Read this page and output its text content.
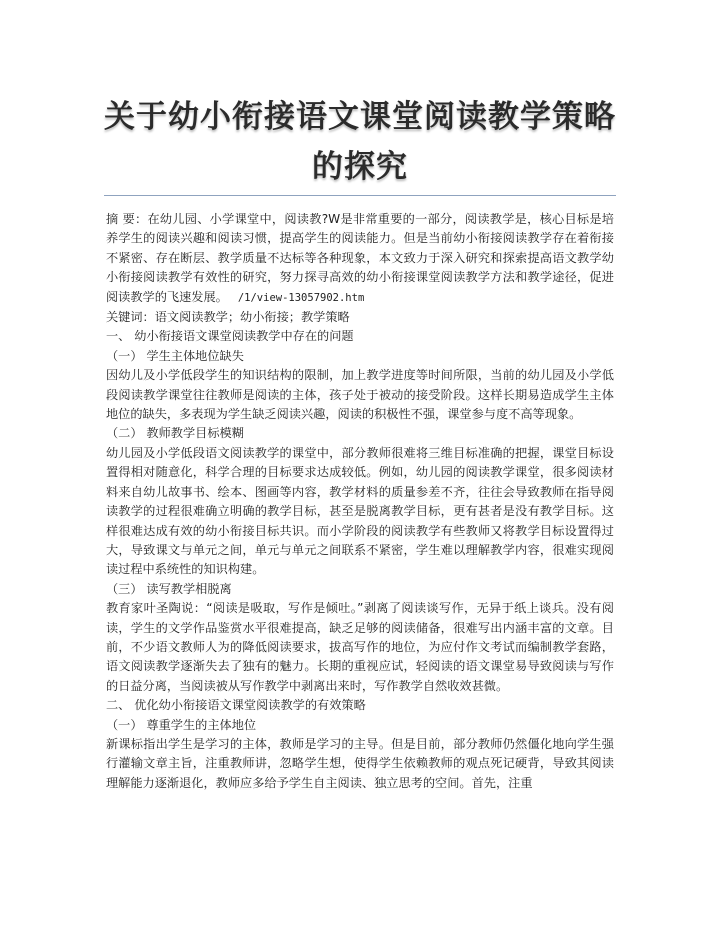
关于幼小衔接语文课堂阅读教学策略
的探究

摘 要：在幼儿园、小学课堂中，阅读教?W是非常重要的一部分，阅读教学是，核心目标是培养学生的阅读兴趣和阅读习惯，提高学生的阅读能力。但是当前幼小衔接阅读教学存在着衔接不紧密、存在断层、教学质量不达标等各种现象，本文致力于深入研究和探索提高语文教学幼小衔接阅读教学有效性的研究，努力探寻高效的幼小衔接课堂阅读教学方法和教学途径，促进阅读教学的飞速发展。　 /1/view-13057902.htm

关键词：语文阅读教学；幼小衔接；教学策略

一、 幼小衔接语文课堂阅读教学中存在的问题

（一） 学生主体地位缺失

因幼儿及小学低段学生的知识结构的限制，加上教学进度等时间所限，当前的幼儿园及小学低段阅读教学课堂往往教师是阅读的主体，孩子处于被动的接受阶段。这样长期易造成学生主体地位的缺失，多表现为学生缺乏阅读兴趣，阅读的积极性不强，课堂参与度不高等现象。

（二） 教师教学目标模糊

幼儿园及小学低段语文阅读教学的课堂中，部分教师很难将三维目标准确的把握，课堂目标设置得相对随意化，科学合理的目标要求达成较低。例如，幼儿园的阅读教学课堂，很多阅读材料来自幼儿故事书、绘本、图画等内容，教学材料的质量参差不齐，往往会导致教师在指导阅读教学的过程很难确立明确的教学目标，甚至是脱离教学目标，更有甚者是没有教学目标。这样很难达成有效的幼小衔接目标共识。而小学阶段的阅读教学有些教师又将教学目标设置得过大，导致课文与单元之间，单元与单元之间联系不紧密，学生难以理解教学内容，很难实现阅读过程中系统性的知识构建。

（三） 读写教学相脱离

教育家叶圣陶说：“阅读是吸取，写作是倾吐。”剥离了阅读谈写作，无异于纸上谈兵。没有阅读，学生的文学作品鉴赏水平很难提高，缺乏足够的阅读储备，很难写出内涵丰富的文章。目前，不少语文教师人为的降低阅读要求，拔高写作的地位，为应付作文考试而编制教学套路，语文阅读教学逐渐失去了独有的魅力。长期的重视应试，轻阅读的语文课堂易导致阅读与写作的日益分离，当阅读被从写作教学中剥离出来时，写作教学自然收效甚微。

二、 优化幼小衔接语文课堂阅读教学的有效策略

（一） 尊重学生的主体地位

新课标指出学生是学习的主体，教师是学习的主导。但是目前，部分教师仍然僵化地向学生强行灌输文章主旨，注重教师讲，忽略学生想，使得学生依赖教师的观点死记硬背，导致其阅读理解能力逐渐退化，教师应多给予学生自主阅读、独立思考的空间。首先，注重
